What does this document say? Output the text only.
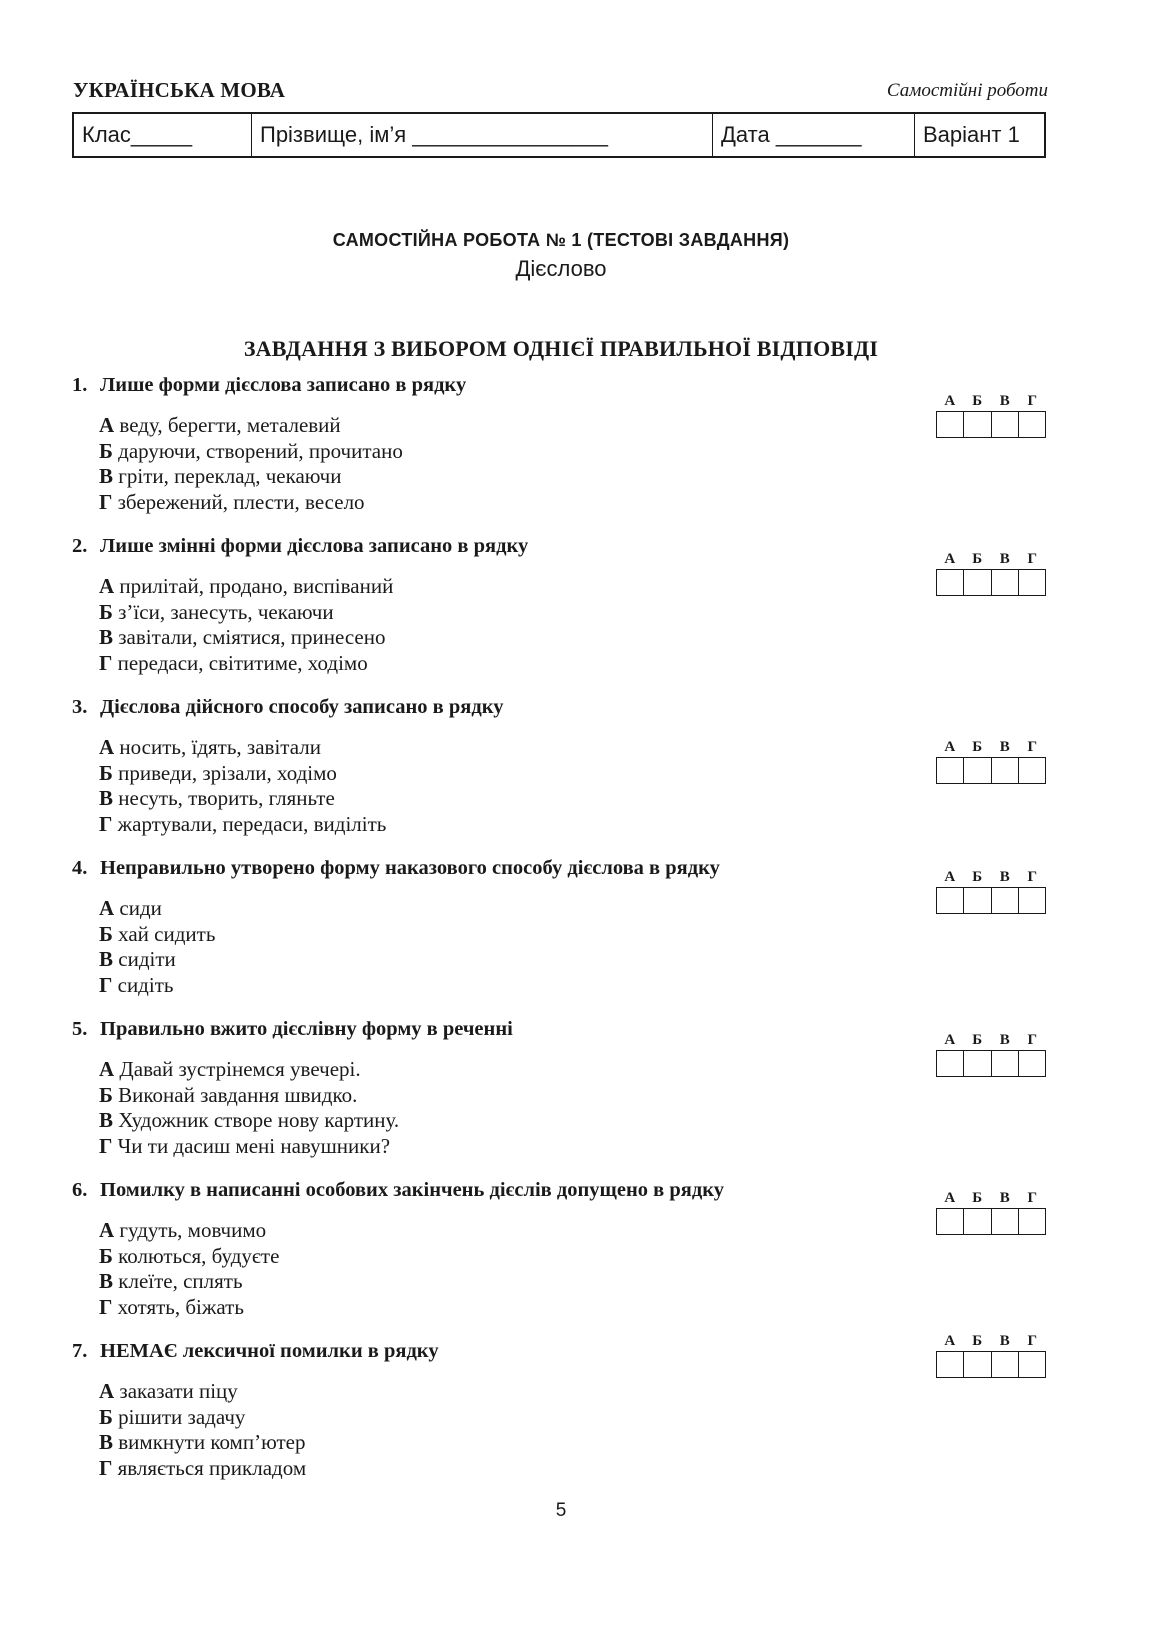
УКРАЇНСЬКА МОВА	Самостійні роботи
Клас_____	Прізвище, ім’я ________________	Дата _______	Варіант 1
САМОСТІЙНА РОБОТА № 1 (ТЕСТОВІ ЗАВДАННЯ)
Дієслово
ЗАВДАННЯ З ВИБОРОМ ОДНІЄЇ ПРАВИЛЬНОЇ ВІДПОВІДІ
1. Лише форми дієслова записано в рядку
А веду, берегти, металевий
Б даруючи, створений, прочитано
В гріти, переклад, чекаючи
Г збережений, плести, весело
А	Б	В	Г
2. Лише змінні форми дієслова записано в рядку
А прилітай, продано, виспіваний
Б з’їси, занесуть, чекаючи
В завітали, сміятися, принесено
Г передаси, світитиме, ходімо
А	Б	В	Г
3. Дієслова дійсного способу записано в рядку
А носить, їдять, завітали
Б приведи, зрізали, ходімо
В несуть, творить, гляньте
Г жартували, передаси, виділіть
А	Б	В	Г
4. Неправильно утворено форму наказового способу дієслова в рядку
А сиди
Б хай сидить
В сидіти
Г сидіть
А	Б	В	Г
5. Правильно вжито дієслівну форму в реченні
А Давай зустрінемся увечері.
Б Виконай завдання швидко.
В Художник створе нову картину.
Г Чи ти дасиш мені навушники?
А	Б	В	Г
6. Помилку в написанні особових закінчень дієслів допущено в рядку
А гудуть, мовчимо
Б колються, будуєте
В клеїте, сплять
Г хотять, біжать
А	Б	В	Г
7. НЕМАЄ лексичної помилки в рядку
А заказати піцу
Б рішити задачу
В вимкнути комп’ютер
Г являється прикладом
А	Б	В	Г
5
